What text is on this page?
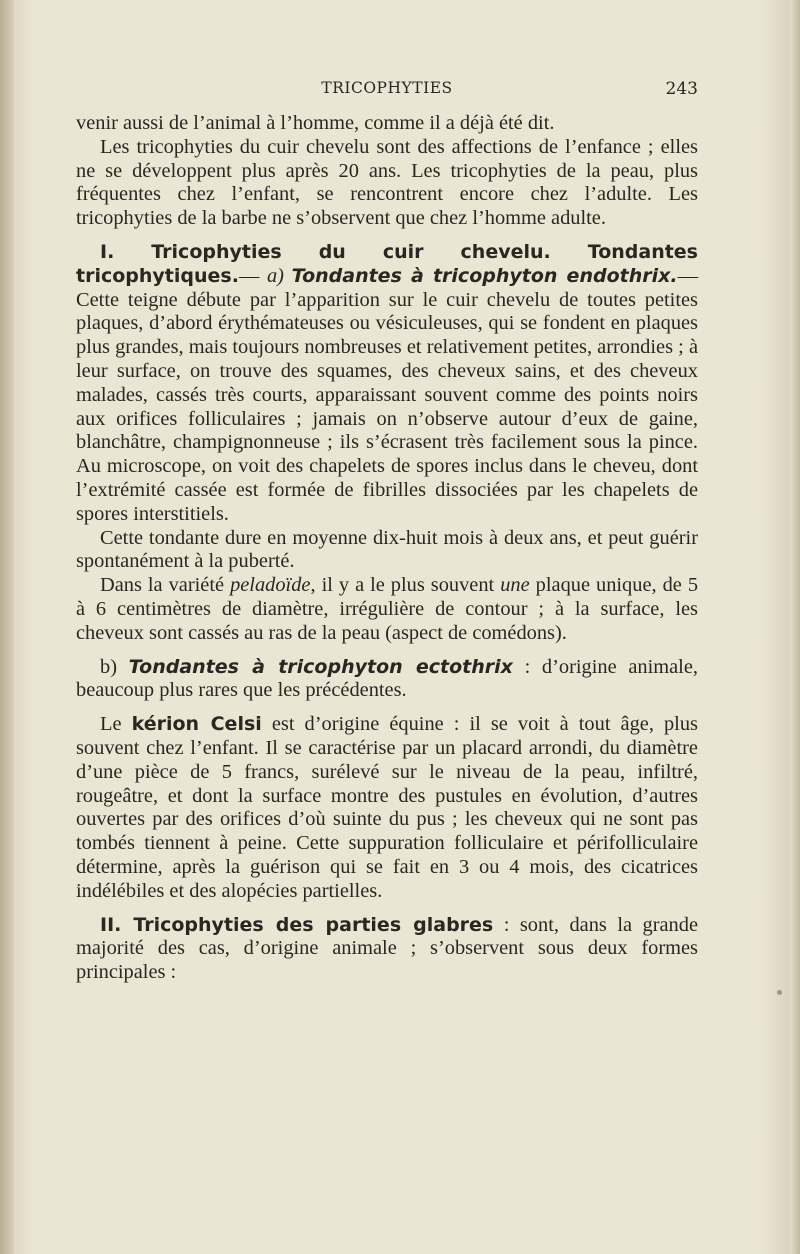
TRICOPHYTIES	243

venir aussi de l’animal à l’homme, comme il a déjà été dit.

Les tricophyties du cuir chevelu sont des affections de l’enfance ; elles ne se développent plus après 20 ans. Les tricophyties de la peau, plus fréquentes chez l’enfant, se rencontrent encore chez l’adulte. Les tricophyties de la barbe ne s’observent que chez l’homme adulte.

I. Tricophyties du cuir chevelu. Tondantes tricophytiques.— a) Tondantes à tricophyton endothrix.— Cette teigne débute par l’apparition sur le cuir chevelu de toutes petites plaques, d’abord érythémateuses ou vésiculeuses, qui se fondent en plaques plus grandes, mais toujours nombreuses et relativement petites, arrondies ; à leur surface, on trouve des squames, des cheveux sains, et des cheveux malades, cassés très courts, apparaissant souvent comme des points noirs aux orifices folliculaires ; jamais on n’observe autour d’eux de gaine, blanchâtre, champignonneuse ; ils s’écrasent très facilement sous la pince. Au microscope, on voit des chapelets de spores inclus dans le cheveu, dont l’extrémité cassée est formée de fibrilles dissociées par les chapelets de spores interstitiels.

Cette tondante dure en moyenne dix-huit mois à deux ans, et peut guérir spontanément à la puberté.

Dans la variété peladoïde, il y a le plus souvent une plaque unique, de 5 à 6 centimètres de diamètre, irrégulière de contour ; à la surface, les cheveux sont cassés au ras de la peau (aspect de comédons).

b) Tondantes à tricophyton ectothrix : d’origine animale, beaucoup plus rares que les précédentes.

Le kérion Celsi est d’origine équine : il se voit à tout âge, plus souvent chez l’enfant. Il se caractérise par un placard arrondi, du diamètre d’une pièce de 5 francs, surélevé sur le niveau de la peau, infiltré, rougeâtre, et dont la surface montre des pustules en évolution, d’autres ouvertes par des orifices d’où suinte du pus ; les cheveux qui ne sont pas tombés tiennent à peine. Cette suppuration folliculaire et périfolliculaire détermine, après la guérison qui se fait en 3 ou 4 mois, des cicatrices indélébiles et des alopécies partielles.

II. Tricophyties des parties glabres : sont, dans la grande majorité des cas, d’origine animale ; s’observent sous deux formes principales :
